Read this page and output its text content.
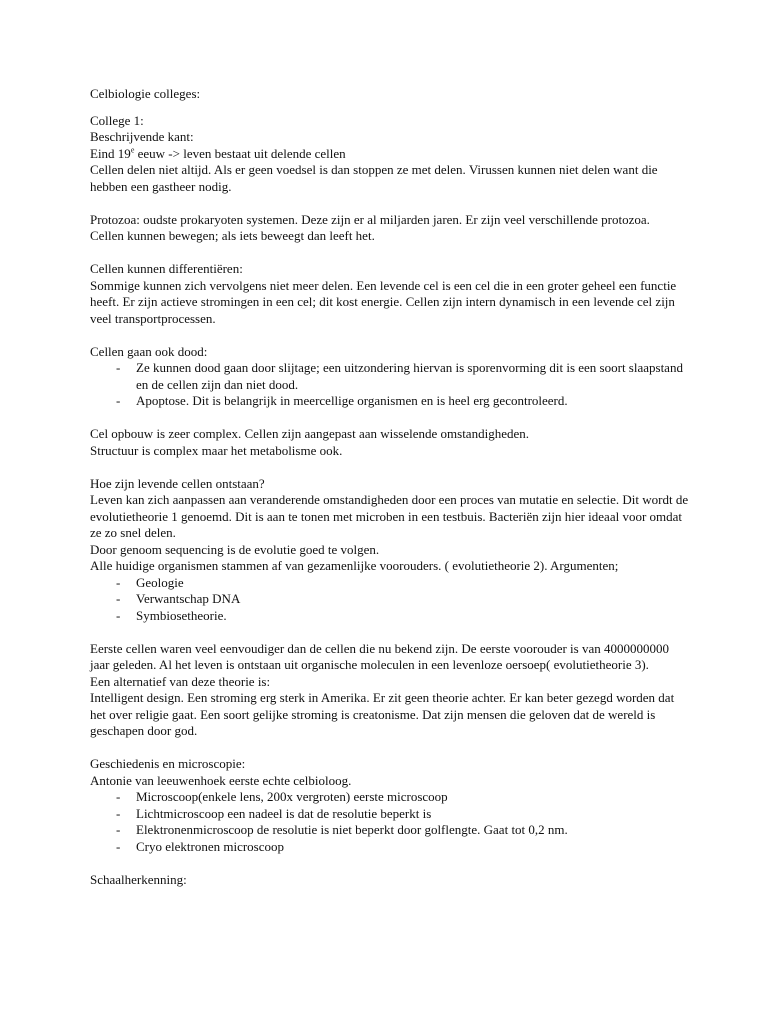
Celbiologie colleges:

College 1:

Beschrijvende kant:

Eind 19e eeuw -> leven bestaat uit delende cellen

Cellen delen niet altijd. Als er geen voedsel is dan stoppen ze met delen. Virussen kunnen niet delen want die hebben een gastheer nodig.

Protozoa: oudste prokaryoten systemen. Deze zijn er al miljarden jaren. Er zijn veel verschillende protozoa.

Cellen kunnen bewegen; als iets beweegt dan leeft het.

Cellen kunnen differentiëren:

Sommige kunnen zich vervolgens niet meer delen. Een levende cel is een cel die in een groter geheel een functie heeft. Er zijn actieve stromingen in een cel; dit kost energie. Cellen zijn intern dynamisch in een levende cel zijn veel transportprocessen.

Cellen gaan ook dood:

- Ze kunnen dood gaan door slijtage; een uitzondering hiervan is sporenvorming dit is een soort slaapstand en de cellen zijn dan niet dood.
- Apoptose. Dit is belangrijk in meercellige organismen en is heel erg gecontroleerd.

Cel opbouw is zeer complex. Cellen zijn aangepast aan wisselende omstandigheden.

Structuur is complex maar het metabolisme ook.

Hoe zijn levende cellen ontstaan?

Leven kan zich aanpassen aan veranderende omstandigheden door een proces van mutatie en selectie. Dit wordt de evolutietheorie 1 genoemd. Dit is aan te tonen met microben in een testbuis. Bacteriën zijn hier ideaal voor omdat ze zo snel delen.

Door genoom sequencing is de evolutie goed te volgen.

Alle huidige organismen stammen af van gezamenlijke voorouders. ( evolutietheorie 2). Argumenten;

- Geologie
- Verwantschap DNA
- Symbiosetheorie.

Eerste cellen waren veel eenvoudiger dan de cellen die nu bekend zijn. De eerste voorouder is van 4000000000 jaar geleden. Al het leven is ontstaan uit organische moleculen in een levenloze oersoep( evolutietheorie 3).

Een alternatief van deze theorie is:

Intelligent design. Een stroming erg sterk in Amerika. Er zit geen theorie achter. Er kan beter gezegd worden dat het over religie gaat. Een soort gelijke stroming is creatonisme. Dat zijn mensen die geloven dat de wereld is geschapen door god.

Geschiedenis en microscopie:

Antonie van leeuwenhoek eerste echte celbioloog.

- Microscoop(enkele lens, 200x vergroten) eerste microscoop
- Lichtmicroscoop een nadeel is dat de resolutie beperkt is
- Elektronenmicroscoop de resolutie is niet beperkt door golflengte. Gaat tot 0,2 nm.
- Cryo elektronen microscoop

Schaalherkenning:
